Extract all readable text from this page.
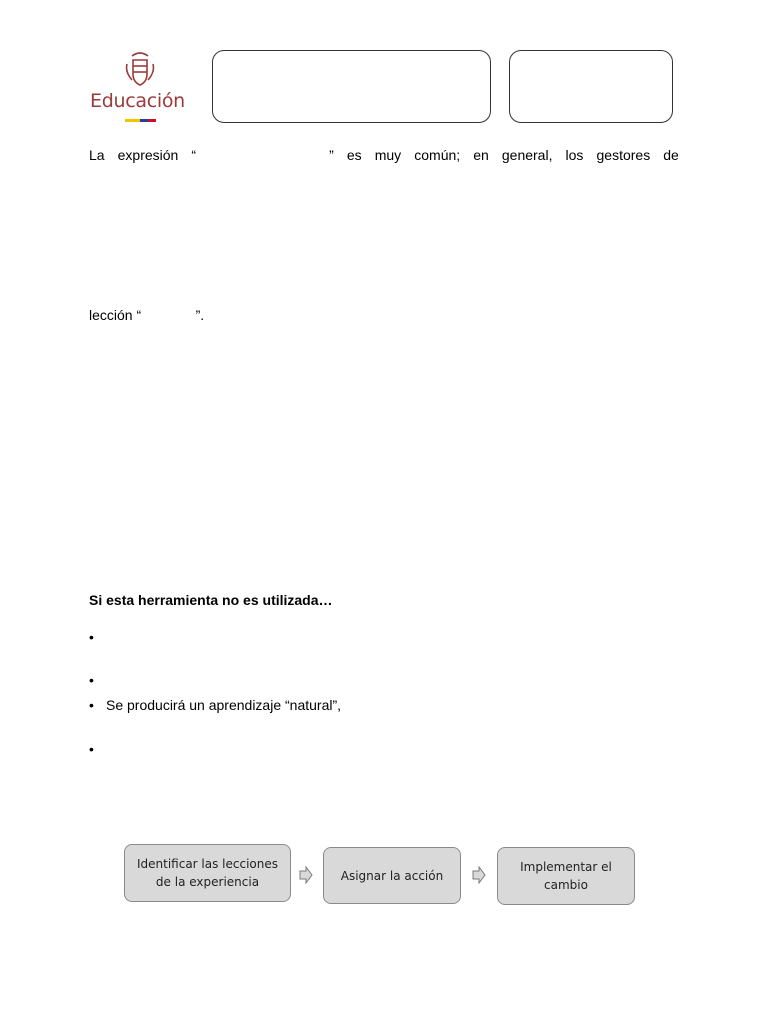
Educación
La expresión “	” es muy común; en general, los gestores de
lección “              ”.
Si esta herramienta no es utilizada…
•
•
• Se producirá un aprendizaje “natural”,
•
Identificar las lecciones
de la experiencia	Asignar la acción
Implementar el
cambio
